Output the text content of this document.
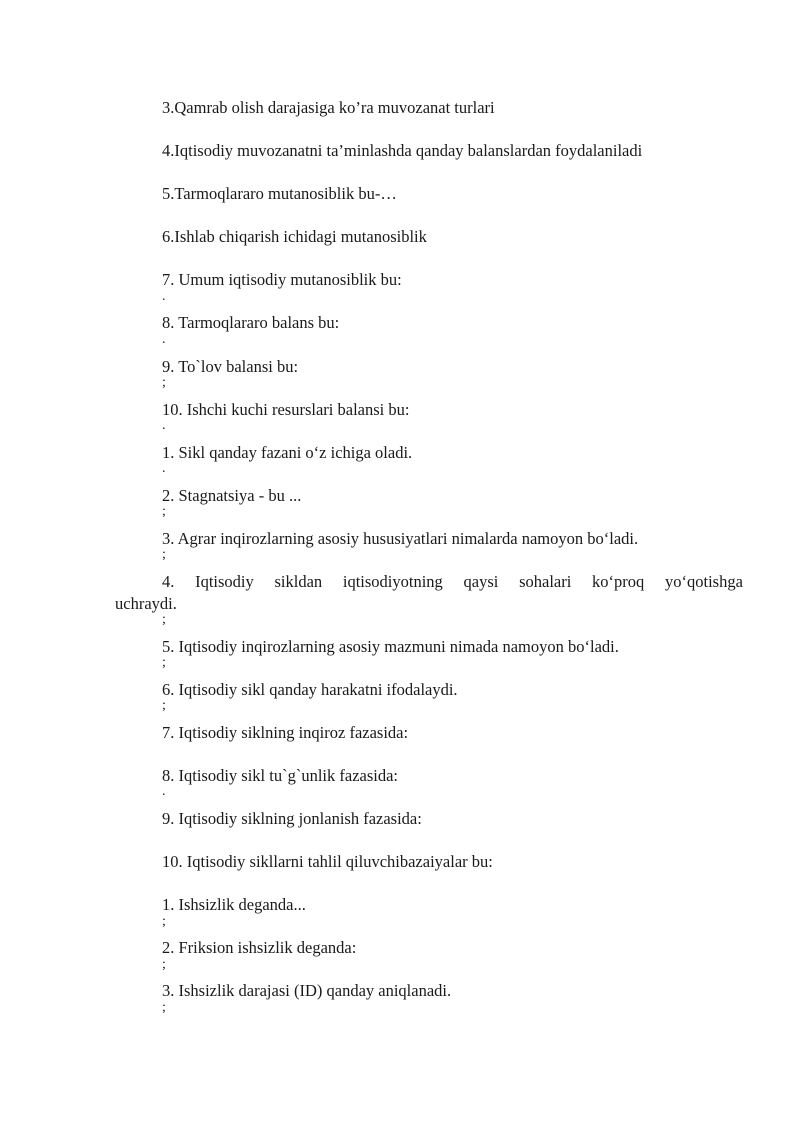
3.Qamrab olish darajasiga ko’ra muvozanat turlari

4.Iqtisodiy muvozanatni ta’minlashda qanday balanslardan foydalaniladi

5.Tarmoqlararo mutanosiblik bu-…

6.Ishlab chiqarish ichidagi mutanosiblik

7. Umum iqtisodiy mutanosiblik bu:

.

8. Tarmoqlararo balans bu:

.

9. To`lov balansi bu:

;

10. Ishchi kuchi resurslari balansi bu:

.

1. Sikl qanday fazani o‘z ichiga oladi.

.

2. Stagnatsiya - bu ...

;

3. Agrar inqirozlarning asosiy hususiyatlari nimalarda namoyon bo‘ladi.

;
4. Iqtisodiy sikldan iqtisodiyotning qaysi sohalari ko‘proq yo‘qotishga
uchraydi.
;

5. Iqtisodiy inqirozlarning asosiy mazmuni nimada namoyon bo‘ladi.

;

6. Iqtisodiy sikl qanday harakatni ifodalaydi.

;

7. Iqtisodiy siklning inqiroz fazasida:

8. Iqtisodiy sikl tu`g`unlik fazasida:

.

9. Iqtisodiy siklning jonlanish fazasida:

10. Iqtisodiy sikllarni tahlil qiluvchibazaiyalar bu:

1. Ishsizlik deganda...

;

2. Friksion ishsizlik deganda:

;

3. Ishsizlik darajasi (ID) qanday aniqlanadi.

;
